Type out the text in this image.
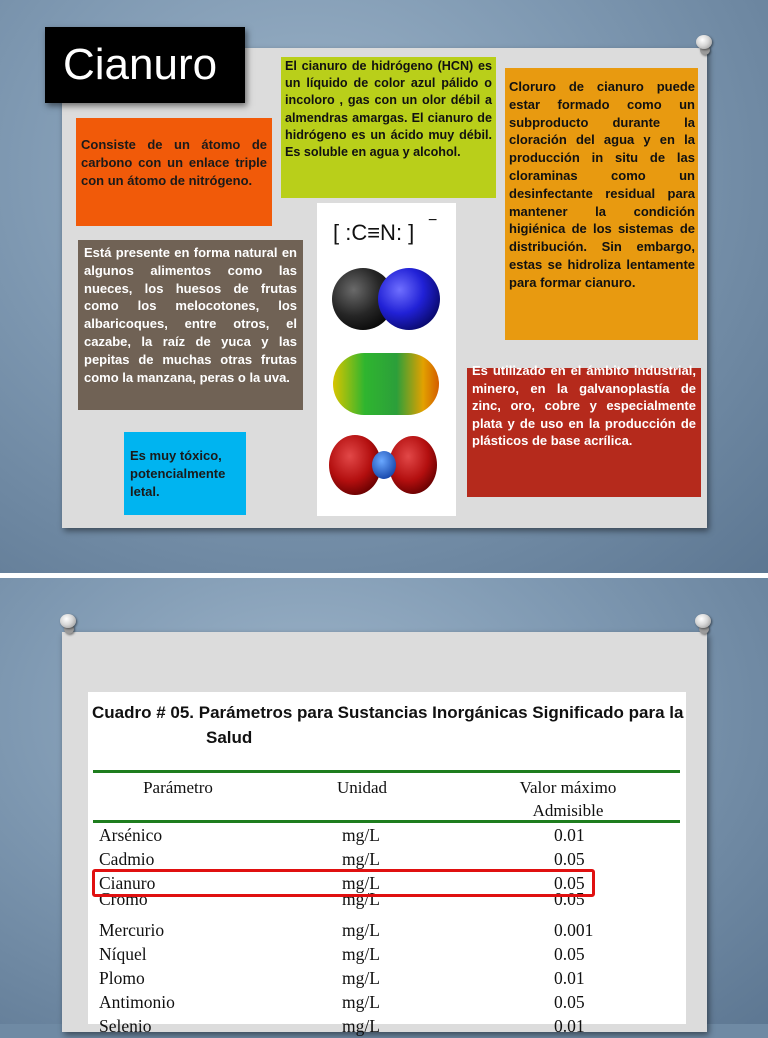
Cianuro
Consiste de un átomo de carbono con un enlace triple con un átomo de nitrógeno.
Está presente en forma natural en algunos alimentos como las nueces, los huesos de frutas como los melocotones, los albaricoques, entre otros, el cazabe, la raíz de yuca y las pepitas de muchas otras frutas como la manzana, peras o la uva.
Es muy tóxico, potencialmente letal.
El cianuro de hidrógeno (HCN) es un líquido de color azul pálido o incoloro , gas con un olor débil a almendras amargas. El cianuro de hidrógeno es un ácido muy débil. Es soluble en agua y alcohol.
Cloruro de cianuro puede estar formado como un subproducto durante la cloración del agua y en la producción in situ de las cloraminas como un desinfectante residual para mantener la condición higiénica de los sistemas de distribución. Sin embargo, estas se hidroliza lentamente para formar cianuro.
Es utilizado en el ámbito industrial, minero, en la galvanoplastía de zinc, oro, cobre y especialmente plata y de uso en la producción de plásticos de base acrílica.
[ :C≡N: ] −
Cuadro # 05. Parámetros para Sustancias Inorgánicas Significado para la
Salud
Parámetro	Unidad	Valor máximo
Admisible
Arsénico	mg/L	0.01
Cadmio	mg/L	0.05
Cianuro	mg/L	0.05
Cromo	mg/L	0.05
Mercurio	mg/L	0.001
Níquel	mg/L	0.05
Plomo	mg/L	0.01
Antimonio	mg/L	0.05
Selenio	mg/L	0.01
